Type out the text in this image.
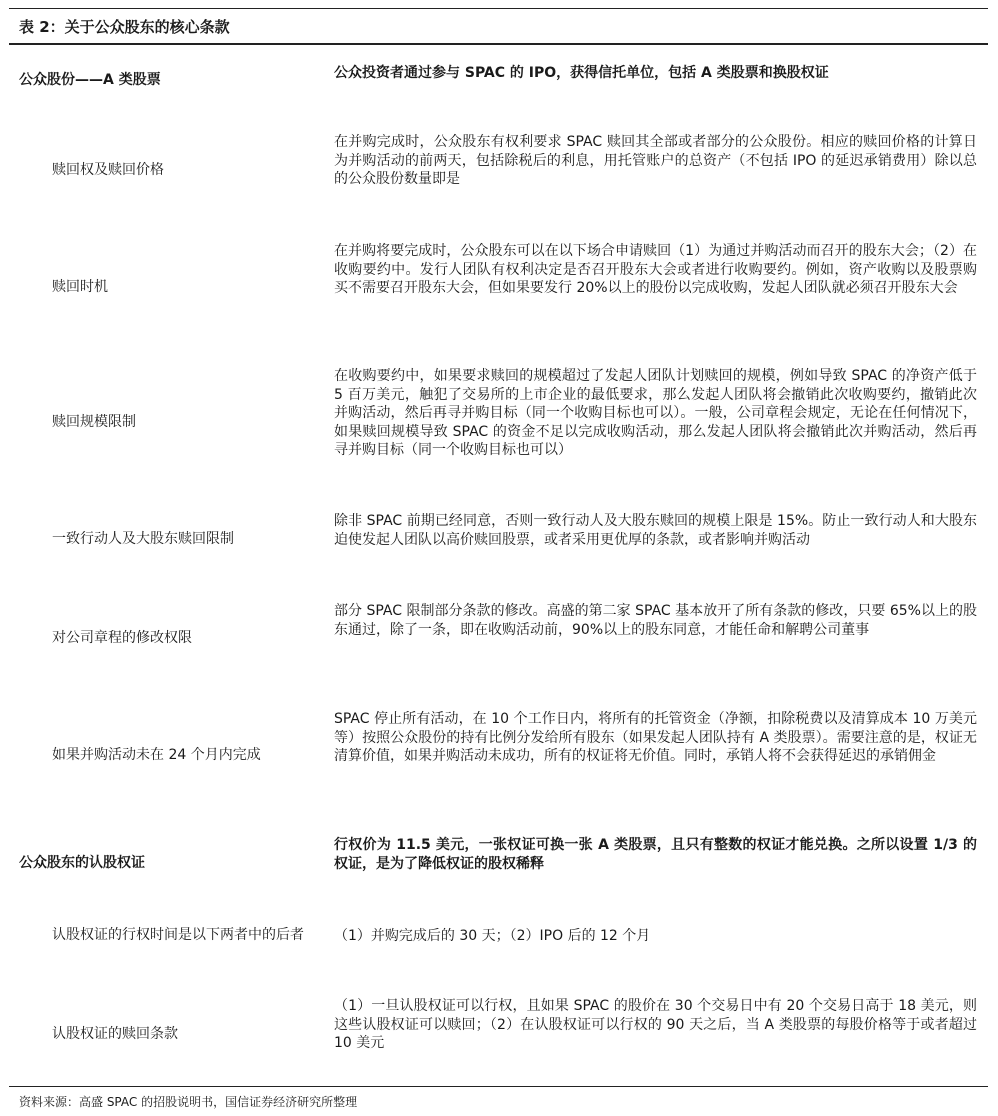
表 2：关于公众股东的核心条款
公众股份——A 类股票	公众投资者通过参与 SPAC 的 IPO，获得信托单位，包括 A 类股票和换股权证
赎回权及赎回价格
在并购完成时，公众股东有权利要求 SPAC 赎回其全部或者部分的公众股份。相应的赎回价格的计算日为并购活动的前两天，包括除税后的利息，用托管账户的总资产（不包括 IPO 的延迟承销费用）除以总的公众股份数量即是
赎回时机
在并购将要完成时，公众股东可以在以下场合申请赎回（1）为通过并购活动而召开的股东大会；（2）在收购要约中。发行人团队有权利决定是否召开股东大会或者进行收购要约。例如，资产收购以及股票购买不需要召开股东大会，但如果要发行 20%以上的股份以完成收购，发起人团队就必须召开股东大会
赎回规模限制
在收购要约中，如果要求赎回的规模超过了发起人团队计划赎回的规模，例如导致 SPAC 的净资产低于 5 百万美元，触犯了交易所的上市企业的最低要求，那么发起人团队将会撤销此次收购要约，撤销此次并购活动，然后再寻并购目标（同一个收购目标也可以）。一般，公司章程会规定，无论在任何情况下，如果赎回规模导致 SPAC 的资金不足以完成收购活动，那么发起人团队将会撤销此次并购活动，然后再寻并购目标（同一个收购目标也可以）
一致行动人及大股东赎回限制
除非 SPAC 前期已经同意，否则一致行动人及大股东赎回的规模上限是 15%。防止一致行动人和大股东迫使发起人团队以高价赎回股票，或者采用更优厚的条款，或者影响并购活动
对公司章程的修改权限
部分 SPAC 限制部分条款的修改。高盛的第二家 SPAC 基本放开了所有条款的修改，只要 65%以上的股东通过，除了一条，即在收购活动前，90%以上的股东同意，才能任命和解聘公司董事
如果并购活动未在 24 个月内完成
SPAC 停止所有活动，在 10 个工作日内，将所有的托管资金（净额，扣除税费以及清算成本 10 万美元等）按照公众股份的持有比例分发给所有股东（如果发起人团队持有 A 类股票）。需要注意的是，权证无清算价值，如果并购活动未成功，所有的权证将无价值。同时，承销人将不会获得延迟的承销佣金
公众股东的认股权证
行权价为 11.5 美元，一张权证可换一张 A 类股票，且只有整数的权证才能兑换。之所以设置 1/3 的权证，是为了降低权证的股权稀释
认股权证的行权时间是以下两者中的后者	（1）并购完成后的 30 天；（2）IPO 后的 12 个月
认股权证的赎回条款
（1）一旦认股权证可以行权，且如果 SPAC 的股价在 30 个交易日中有 20 个交易日高于 18 美元，则这些认股权证可以赎回；（2）在认股权证可以行权的 90 天之后，当 A 类股票的每股价格等于或者超过 10 美元
资料来源：高盛 SPAC 的招股说明书，国信证券经济研究所整理
